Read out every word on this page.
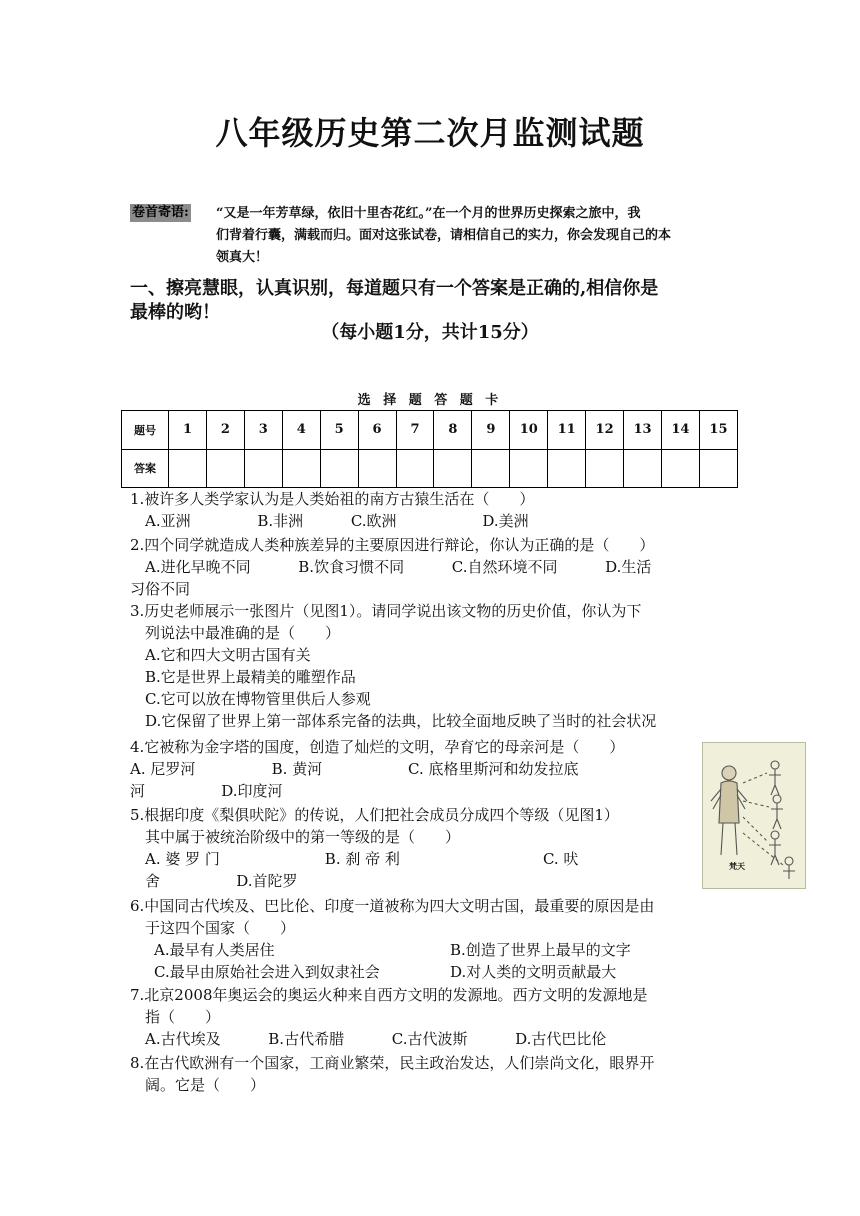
八年级历史第二次月监测试题
卷首寄语: “又是一年芳草绿，依旧十里杏花红。”在一个月的世界历史探索之旅中，我
们背着行囊，满载而归。面对这张试卷，请相信自己的实力，你会发现自己的本
领真大！
一、擦亮慧眼，认真识别，每道题只有一个答案是正确的,相信你是
最棒的哟！
（每小题1分，共计15分）
选 择 题 答 题 卡
题号	1	2	3	4	5	6	7	8	9	10	11	12	13	14	15
答案															
1.被许多人类学家认为是人类始祖的南方古猿生活在（　　）
A.亚洲              B.非洲          C.欧洲                  D.美洲
2.四个同学就造成人类种族差异的主要原因进行辩论，你认为正确的是（　　）
A.进化早晚不同          B.饮食习惯不同          C.自然环境不同          D.生活
习俗不同
3.历史老师展示一张图片（见图1）。请同学说出该文物的历史价值，你认为下
列说法中最准确的是（　　）
A.它和四大文明古国有关
B.它是世界上最精美的雕塑作品
C.它可以放在博物管里供后人参观
D.它保留了世界上第一部体系完备的法典，比较全面地反映了当时的社会状况
4.它被称为金字塔的国度，创造了灿烂的文明，孕育它的母亲河是（　　）
A. 尼罗河                B. 黄河                  C. 底格里斯河和幼发拉底
河                D.印度河
5.根据印度《梨俱吠陀》的传说，人们把社会成员分成四个等级（见图1）
其中属于被统治阶级中的第一等级的是（　　）
A. 婆 罗 门                      B. 刹 帝 利                              C. 吠
舍                D.首陀罗
梵天
6.中国同古代埃及、巴比伦、印度一道被称为四大文明古国，最重要的原因是由
于这四个国家（　　）
A.最早有人类居住	B.创造了世界上最早的文字
C.最早由原始社会进入到奴隶社会	D.对人类的文明贡献最大
7.北京2008年奥运会的奥运火种来自西方文明的发源地。西方文明的发源地是
指（　　）
A.古代埃及          B.古代希腊          C.古代波斯          D.古代巴比伦
8.在古代欧洲有一个国家，工商业繁荣，民主政治发达，人们崇尚文化，眼界开
阔。它是（　　）
